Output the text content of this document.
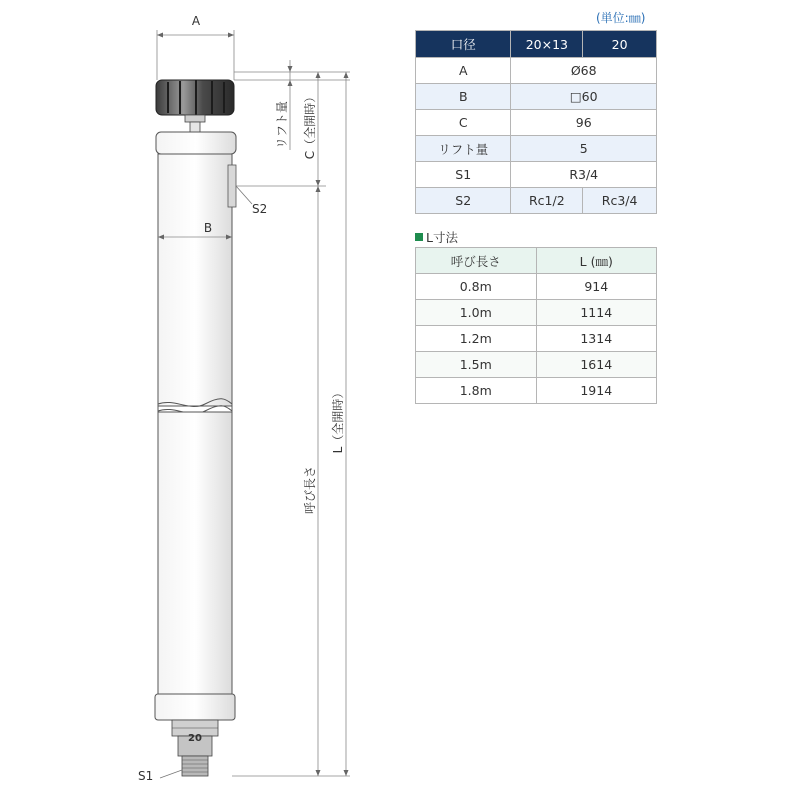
A
リフト量 C（全開時）
S2
B
呼び長さ
L（全開時）
20
S1
(単位:㎜)
口径	20×13	20
A	Ø68	
B	□60	
C	96	
リフト量	5	
S1	R3/4	
S2	Rc1/2	Rc3/4
L寸法
呼び長さ	L (㎜)
0.8m	914
1.0m	1114
1.2m	1314
1.5m	1614
1.8m	1914
